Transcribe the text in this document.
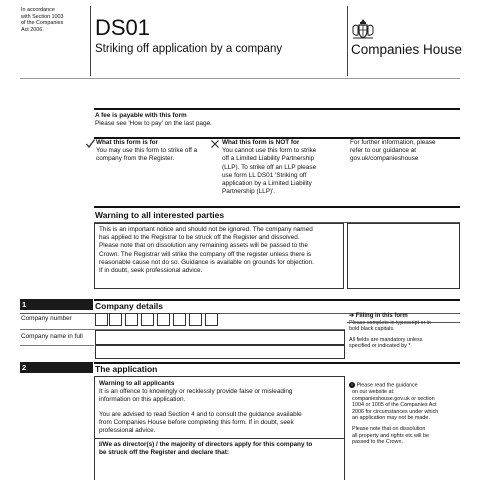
In accordance
with Section 1003
of the Companies
Act 2006.	DS01
Striking off application by a company	Companies House
A fee is payable with this form
Please see 'How to pay' on the last page.
What this form is for
You may use this form to strike off a
company from the Register.
What this form is NOT for
You cannot use this form to strike
off a Limited Liability Partnership
(LLP). To strike off an LLP please
use form LL DS01 'Striking off
application by a Limited Liability
Partnership (LLP)'.
For further information, please
refer to our guidance at
gov.uk/companieshouse
Warning to all interested parties
This is an important notice and should not be ignored. The company named
has applied to the Registrar to be struck off the Register and dissolved.
Please note that on dissolution any remaining assets will be passed to the
Crown. The Registrar will strike the company off the register unless there is
reasonable cause not do so. Guidance is available on grounds for objection.
If in doubt, seek professional advice.
1	Company details
Company number
Company name in full
➜ Filling in this form
Please complete in typescript or in
bold black capitals.
All fields are mandatory unless
specified or indicated by *
2	The application
Warning to all applicants
It is an offence to knowingly or recklessly provide false or misleading
information on this application.
You are advised to read Section 4 and to consult the guidance available
from Companies House before completing this form. If in doubt, seek
professional advice.
I/We as director(s) / the majority of directors apply for this company to
be struck off the Register and declare that:
i Please read the guidance
on our website at:
companieshouse.gov.uk or section
1004 or 1005 of the Companies Act
2006 for circumstances under which
an application may not be made.
Please note that on dissolution
all property and rights etc will be
passed to the Crown.
